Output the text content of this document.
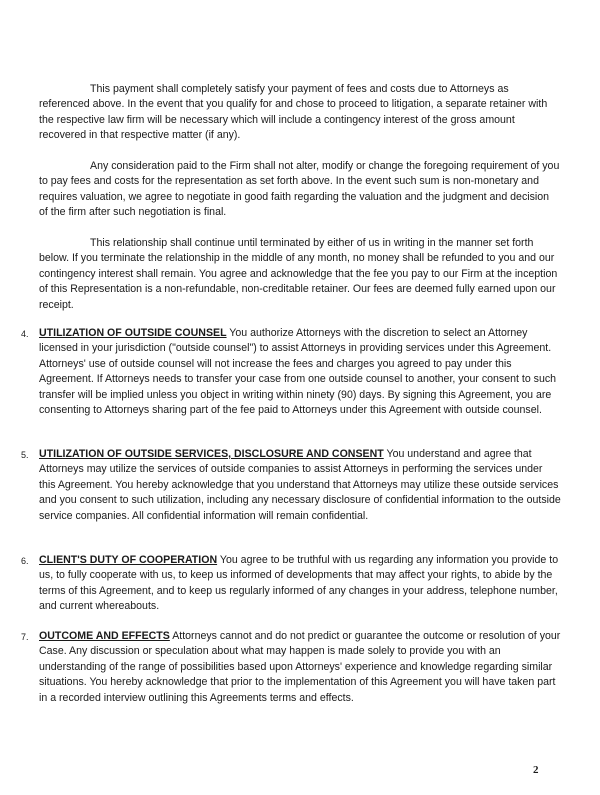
This payment shall completely satisfy your payment of fees and costs due to Attorneys as referenced above. In the event that you qualify for and chose to proceed to litigation, a separate retainer with the respective law firm will be necessary which will include a contingency interest of the gross amount recovered in that respective matter (if any).
Any consideration paid to the Firm shall not alter, modify or change the foregoing requirement of you to pay fees and costs for the representation as set forth above. In the event such sum is non-monetary and requires valuation, we agree to negotiate in good faith regarding the valuation and the judgment and decision of the firm after such negotiation is final.
This relationship shall continue until terminated by either of us in writing in the manner set forth below. If you terminate the relationship in the middle of any month, no money shall be refunded to you and our contingency interest shall remain. You agree and acknowledge that the fee you pay to our Firm at the inception of this Representation is a non-refundable, non-creditable retainer. Our fees are deemed fully earned upon our receipt.
4. UTILIZATION OF OUTSIDE COUNSEL You authorize Attorneys with the discretion to select an Attorney licensed in your jurisdiction ("outside counsel") to assist Attorneys in providing services under this Agreement. Attorneys' use of outside counsel will not increase the fees and charges you agreed to pay under this Agreement. If Attorneys needs to transfer your case from one outside counsel to another, your consent to such transfer will be implied unless you object in writing within ninety (90) days. By signing this Agreement, you are consenting to Attorneys sharing part of the fee paid to Attorneys under this Agreement with outside counsel.
5. UTILIZATION OF OUTSIDE SERVICES, DISCLOSURE AND CONSENT You understand and agree that Attorneys may utilize the services of outside companies to assist Attorneys in performing the services under this Agreement. You hereby acknowledge that you understand that Attorneys may utilize these outside services and you consent to such utilization, including any necessary disclosure of confidential information to the outside service companies. All confidential information will remain confidential.
6. CLIENT'S DUTY OF COOPERATION You agree to be truthful with us regarding any information you provide to us, to fully cooperate with us, to keep us informed of developments that may affect your rights, to abide by the terms of this Agreement, and to keep us regularly informed of any changes in your address, telephone number, and current whereabouts.
7. OUTCOME AND EFFECTS Attorneys cannot and do not predict or guarantee the outcome or resolution of your Case. Any discussion or speculation about what may happen is made solely to provide you with an understanding of the range of possibilities based upon Attorneys' experience and knowledge regarding similar situations. You hereby acknowledge that prior to the implementation of this Agreement you will have taken part in a recorded interview outlining this Agreements terms and effects.
2
